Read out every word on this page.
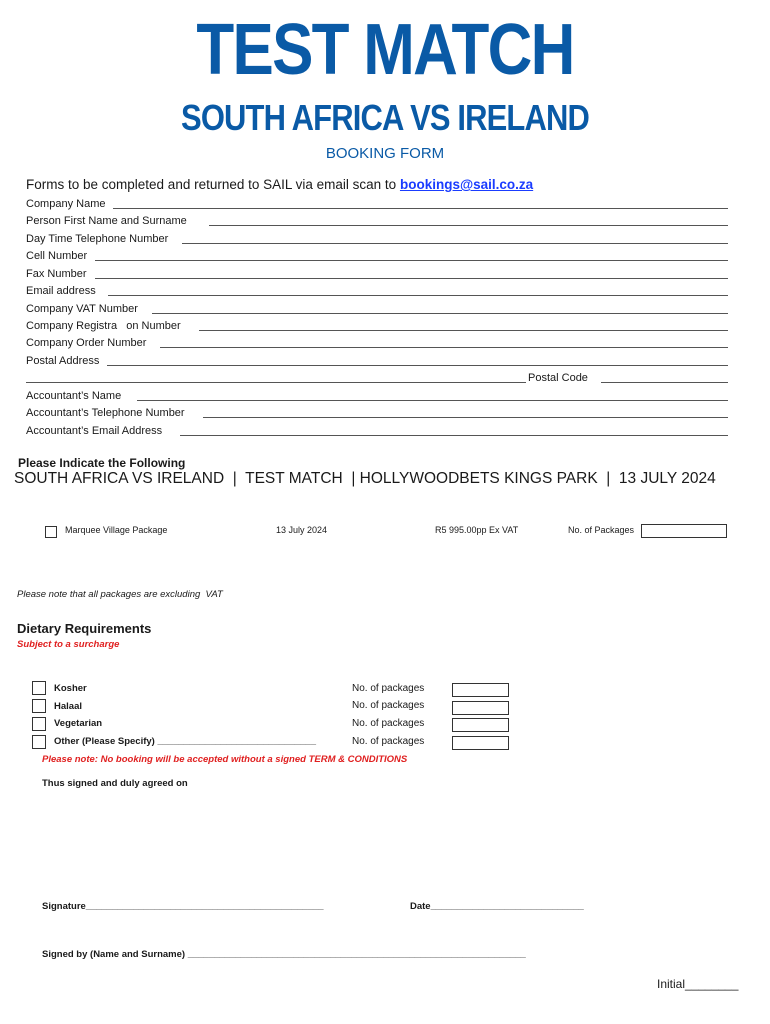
TEST MATCH
SOUTH AFRICA VS IRELAND
BOOKING FORM
Forms to be completed and returned to SAIL via email scan to bookings@sail.co.za
Company Name
Person First Name and Surname
Day Time Telephone Number
Cell Number
Fax Number
Email address
Company VAT Number
Company Registra   on Number
Company Order Number
Postal Address
Postal Code
Accountant’s Name
Accountant’s Telephone Number
Accountant’s Email Address
Please Indicate the Following
SOUTH AFRICA VS IRELAND  |  TEST MATCH  | HOLLYWOODBETS KINGS PARK  |  13 JULY 2024
Marquee Village Package	13 July 2024	R5 995.00pp Ex VAT	No. of Packages
Please note that all packages are excluding  VAT
Dietary Requirements
Subject to a surcharge
Kosher	No. of packages
Halaal	No. of packages
Vegetarian	No. of packages
Other (Please Specify) ______________________________	No. of packages
Please note: No booking will be accepted without a signed TERM & CONDITIONS
Thus signed and duly agreed on
Signature_____________________________________________	Date_____________________________
Signed by (Name and Surname) ________________________________________________________________
Initial________
